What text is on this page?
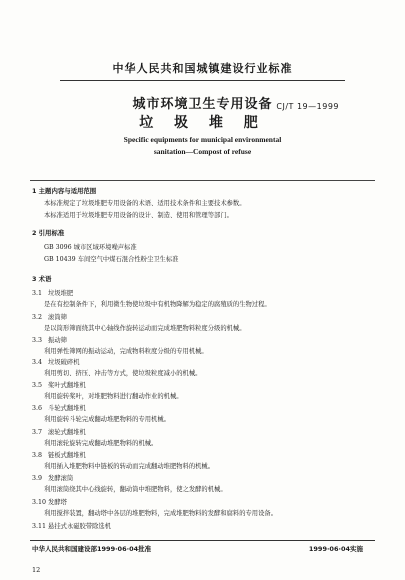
中华人民共和国城镇建设行业标准
城市环境卫生专用设备
垃 圾 堆 肥
CJ/T 19—1999
Specific equipments for municipal environmental
sanitation—Compost of refuse
1 主题内容与适用范围
本标准规定了垃圾堆肥专用设备的术语、适用技术条件和主要技术参数。
本标准适用于垃圾堆肥专用设备的设计、制造、使用和管理等部门。
2 引用标准
GB 3096 城市区域环境噪声标准
GB 10439 车间空气中煤石混合性粉尘卫生标准
3 术语
3.1 垃圾堆肥
是在有控制条件下，利用微生物使垃圾中有机物降解为稳定的腐殖质的生物过程。
3.2 滚筒筛
是以筒形筛面绕其中心轴线作旋转运动而完成堆肥物料粒度分级的机械。
3.3 振动筛
利用弹性筛网的振动运动，完成物料粒度分级的专用机械。
3.4 垃圾破碎机
利用剪切、挤压、冲击等方式，使垃圾粒度减小的机械。
3.5 桨叶式翻堆机
利用旋转桨叶，对堆肥物料进行翻动作业的机械。
3.6 斗轮式翻堆机
利用旋转斗轮完成翻动堆肥物料的专用机械。
3.7 滚轮式翻堆机
利用滚轮旋转完成翻动堆肥物料的机械。
3.8 链板式翻堆机
利用插入堆肥物料中链板的转动而完成翻动堆肥物料的机械。
3.9 发酵滚筒
利用滚筒绕其中心线旋转，翻动筒中堆肥物料，使之发酵的机械。
3.10 发酵塔
利用搅拌装置，翻动塔中各层的堆肥物料，完成堆肥物料的发酵和腐料的专用设备。
3.11 悬挂式永磁胶带除选机
中华人民共和国建设部1999·06·04批准	1999·06·04实施
12
